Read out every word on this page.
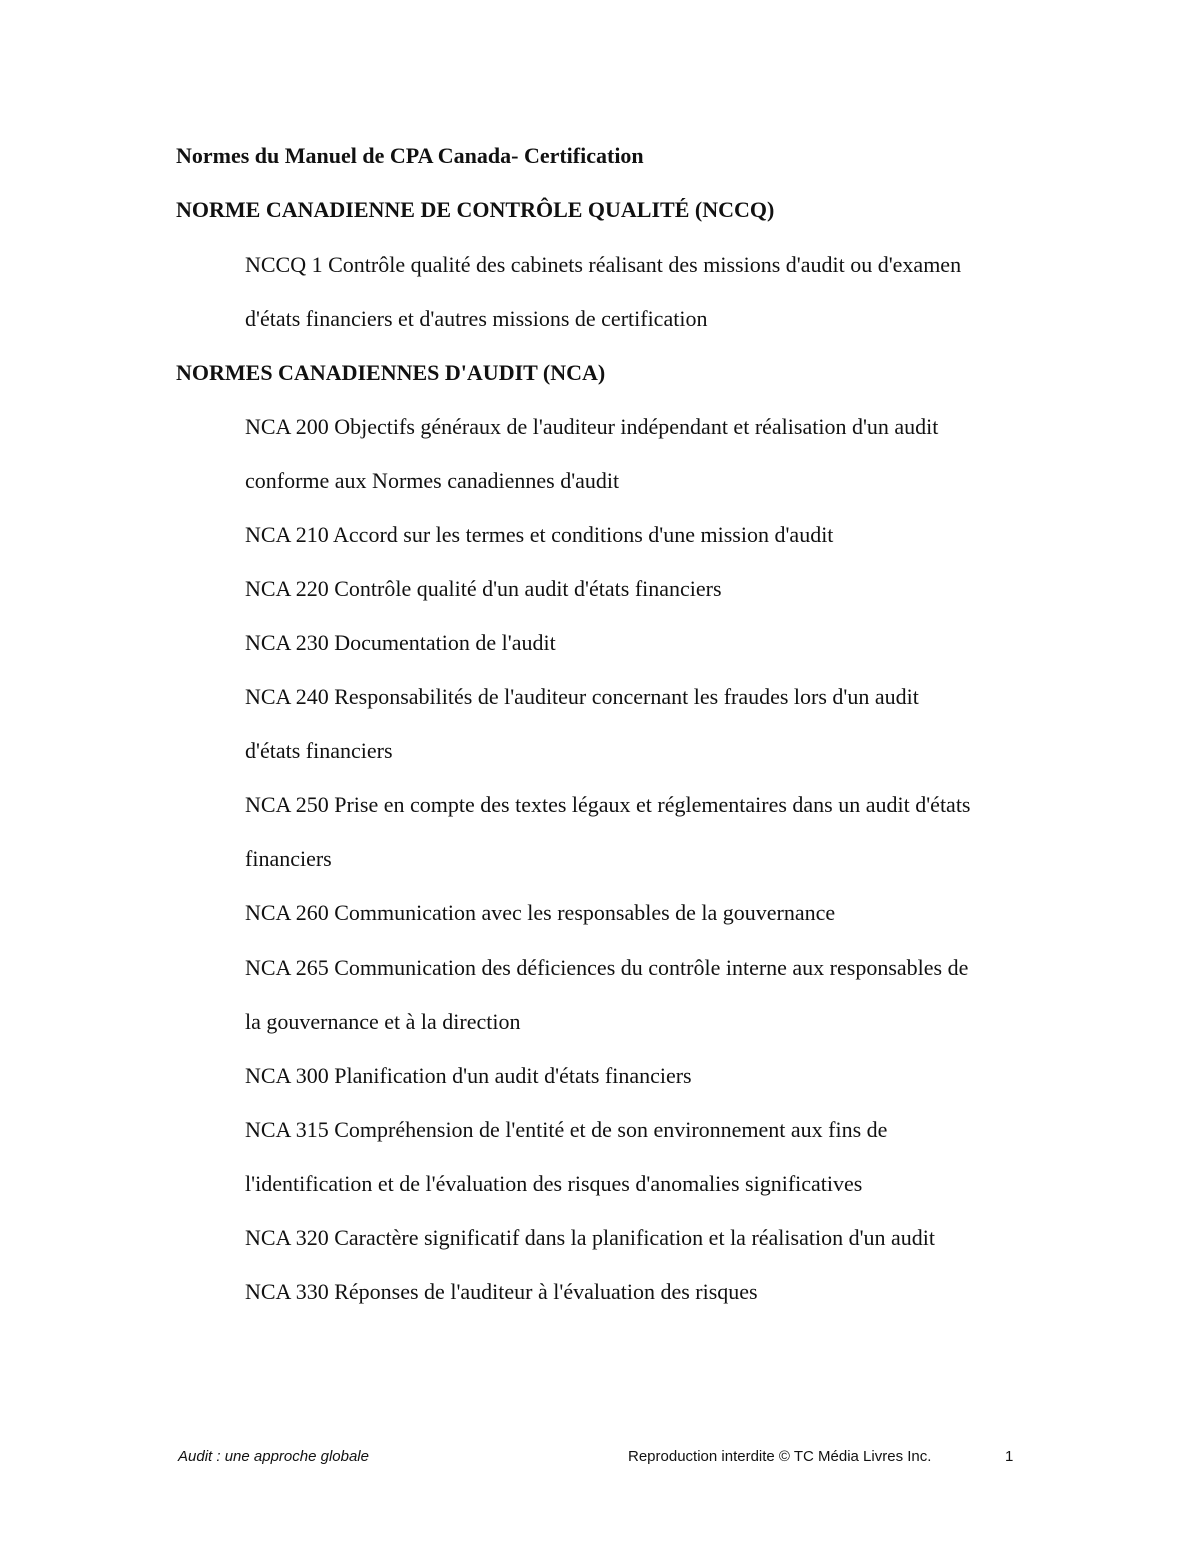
Normes du Manuel de CPA Canada- Certification
NORME CANADIENNE DE CONTRÔLE QUALITÉ (NCCQ)
NCCQ 1 Contrôle qualité des cabinets réalisant des missions d'audit ou d'examen
d'états financiers et d'autres missions de certification
NORMES CANADIENNES D'AUDIT (NCA)
NCA 200 Objectifs généraux de l'auditeur indépendant et réalisation d'un audit
conforme aux Normes canadiennes d'audit
NCA 210 Accord sur les termes et conditions d'une mission d'audit
NCA 220 Contrôle qualité d'un audit d'états financiers
NCA 230 Documentation de l'audit
NCA 240 Responsabilités de l'auditeur concernant les fraudes lors d'un audit
d'états financiers
NCA 250 Prise en compte des textes légaux et réglementaires dans un audit d'états
financiers
NCA 260 Communication avec les responsables de la gouvernance
NCA 265 Communication des déficiences du contrôle interne aux responsables de
la gouvernance et à la direction
NCA 300 Planification d'un audit d'états financiers
NCA 315 Compréhension de l'entité et de son environnement aux fins de
l'identification et de l'évaluation des risques d'anomalies significatives
NCA 320 Caractère significatif dans la planification et la réalisation d'un audit
NCA 330 Réponses de l'auditeur à l'évaluation des risques
Audit : une approche globale	Reproduction interdite © TC Média Livres Inc.	1
